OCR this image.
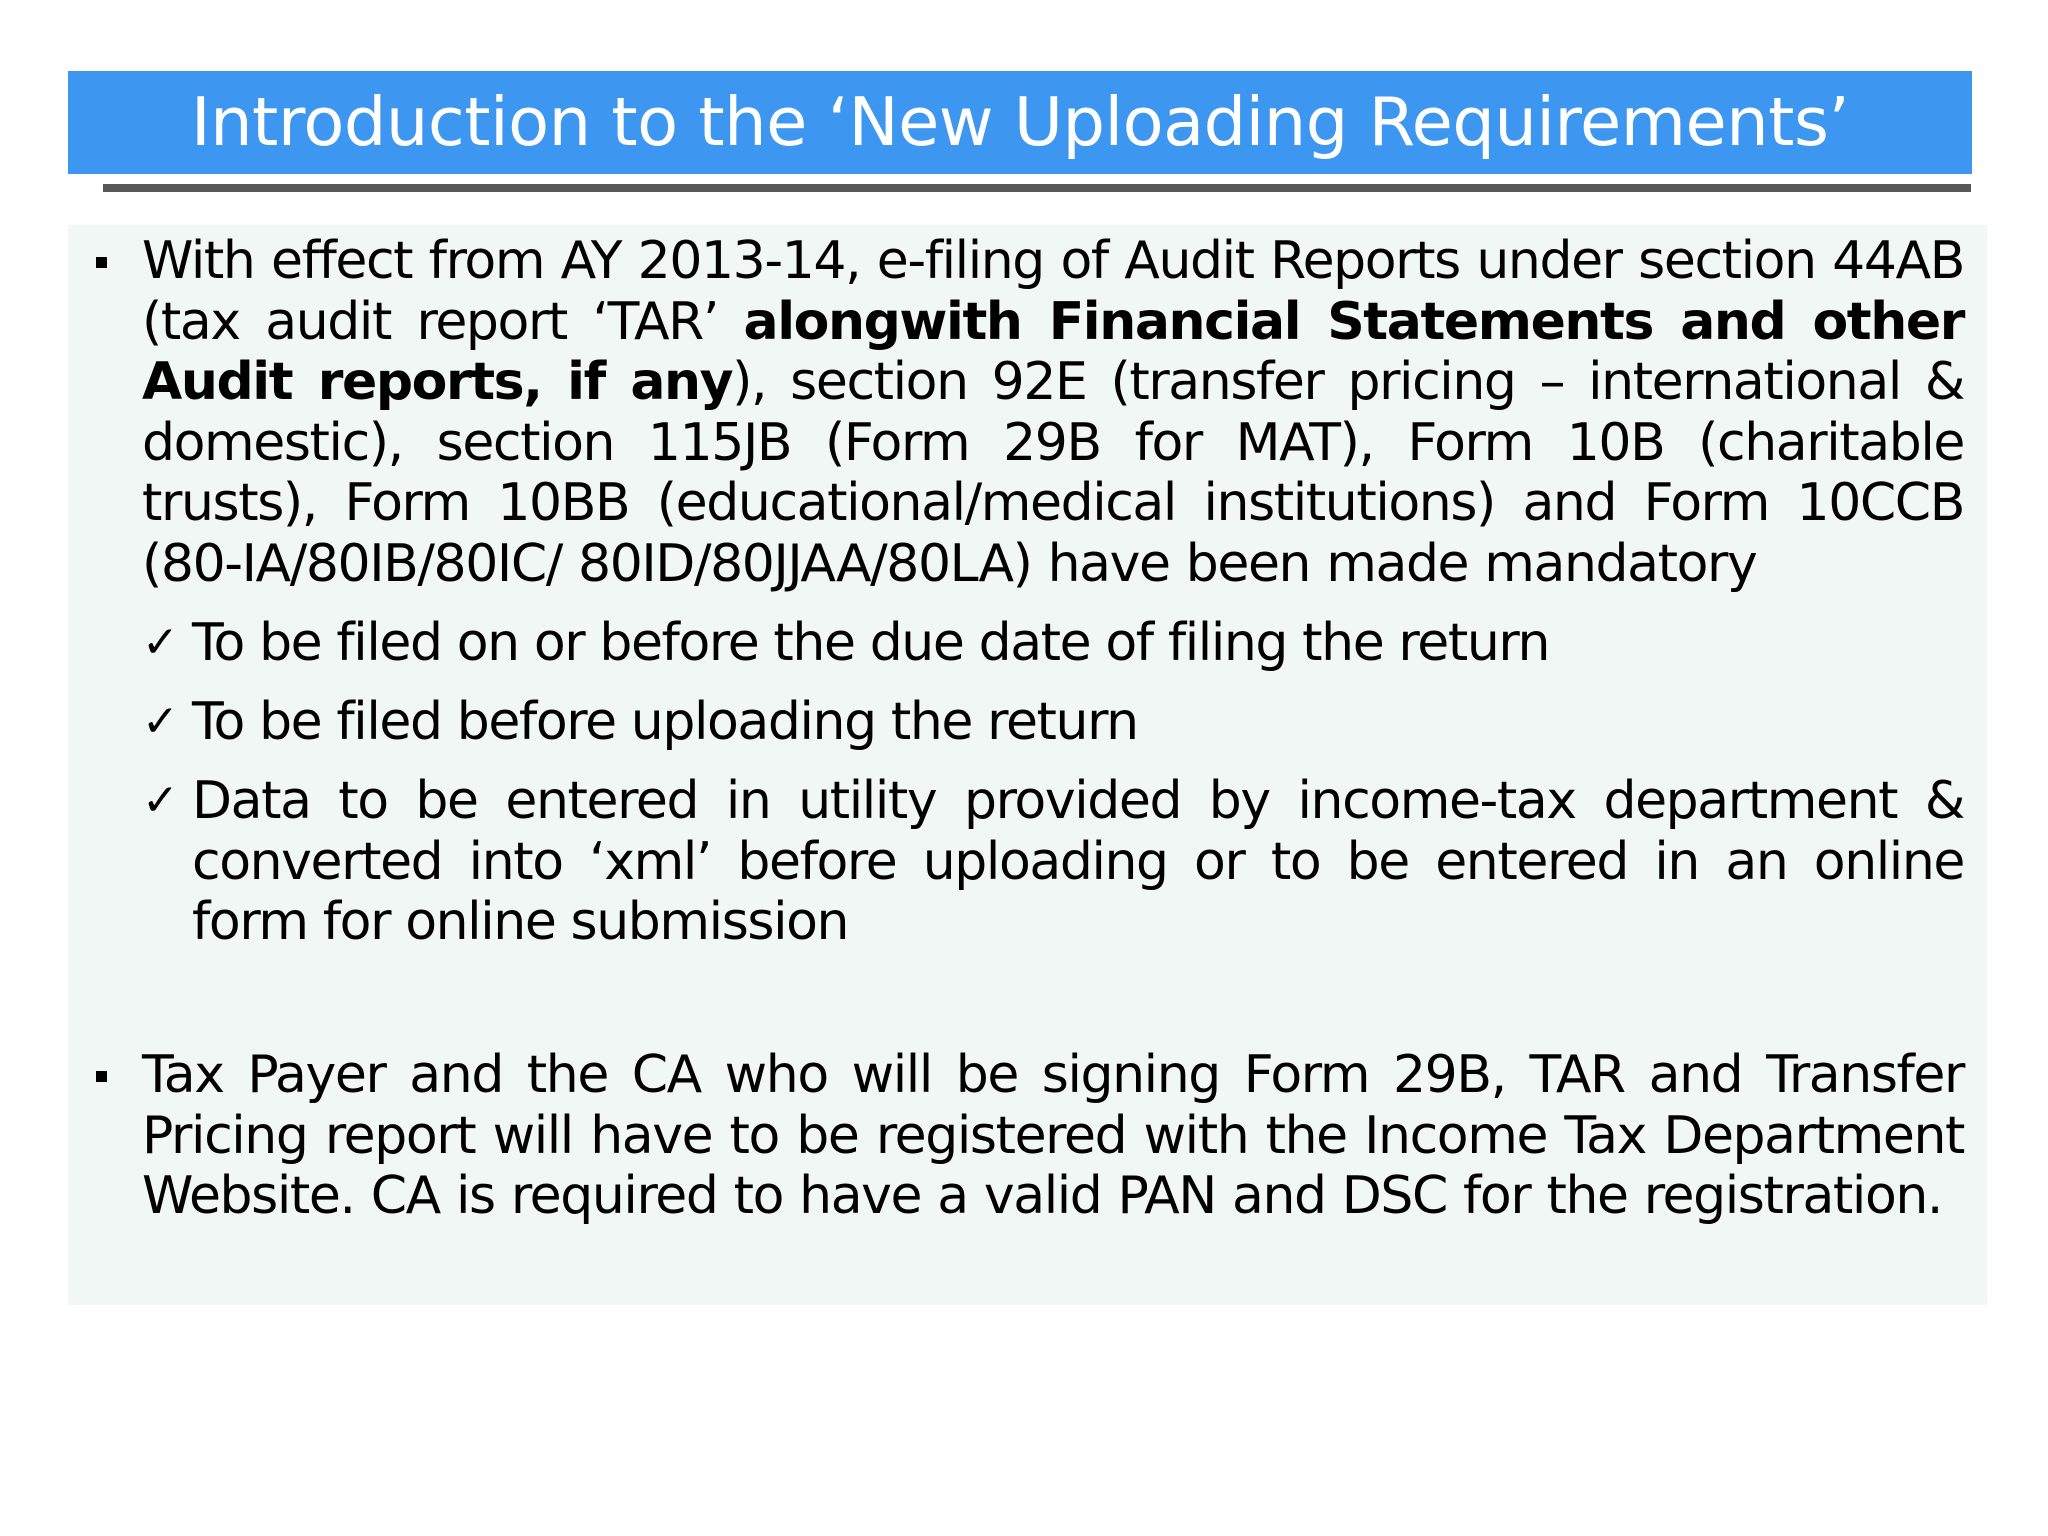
Introduction to the ‘New Uploading Requirements’

With effect from AY 2013-14, e-filing of Audit Reports under section 44AB (tax audit report ‘TAR’ alongwith Financial Statements and other Audit reports, if any), section 92E (transfer pricing – international & domestic), section 115JB (Form 29B for MAT), Form 10B (charitable trusts), Form 10BB (educational/medical institutions) and Form 10CCB (80-IA/80IB/80IC/ 80ID/80JJAA/80LA) have been made mandatory

✓ To be filed on or before the due date of filing the return

✓ To be filed before uploading the return

✓ Data to be entered in utility provided by income-tax department & converted into ‘xml’ before uploading or to be entered in an online form for online submission

Tax Payer and the CA who will be signing Form 29B, TAR and Transfer Pricing report will have to be registered with the Income Tax Department Website. CA is required to have a valid PAN and DSC for the registration.
